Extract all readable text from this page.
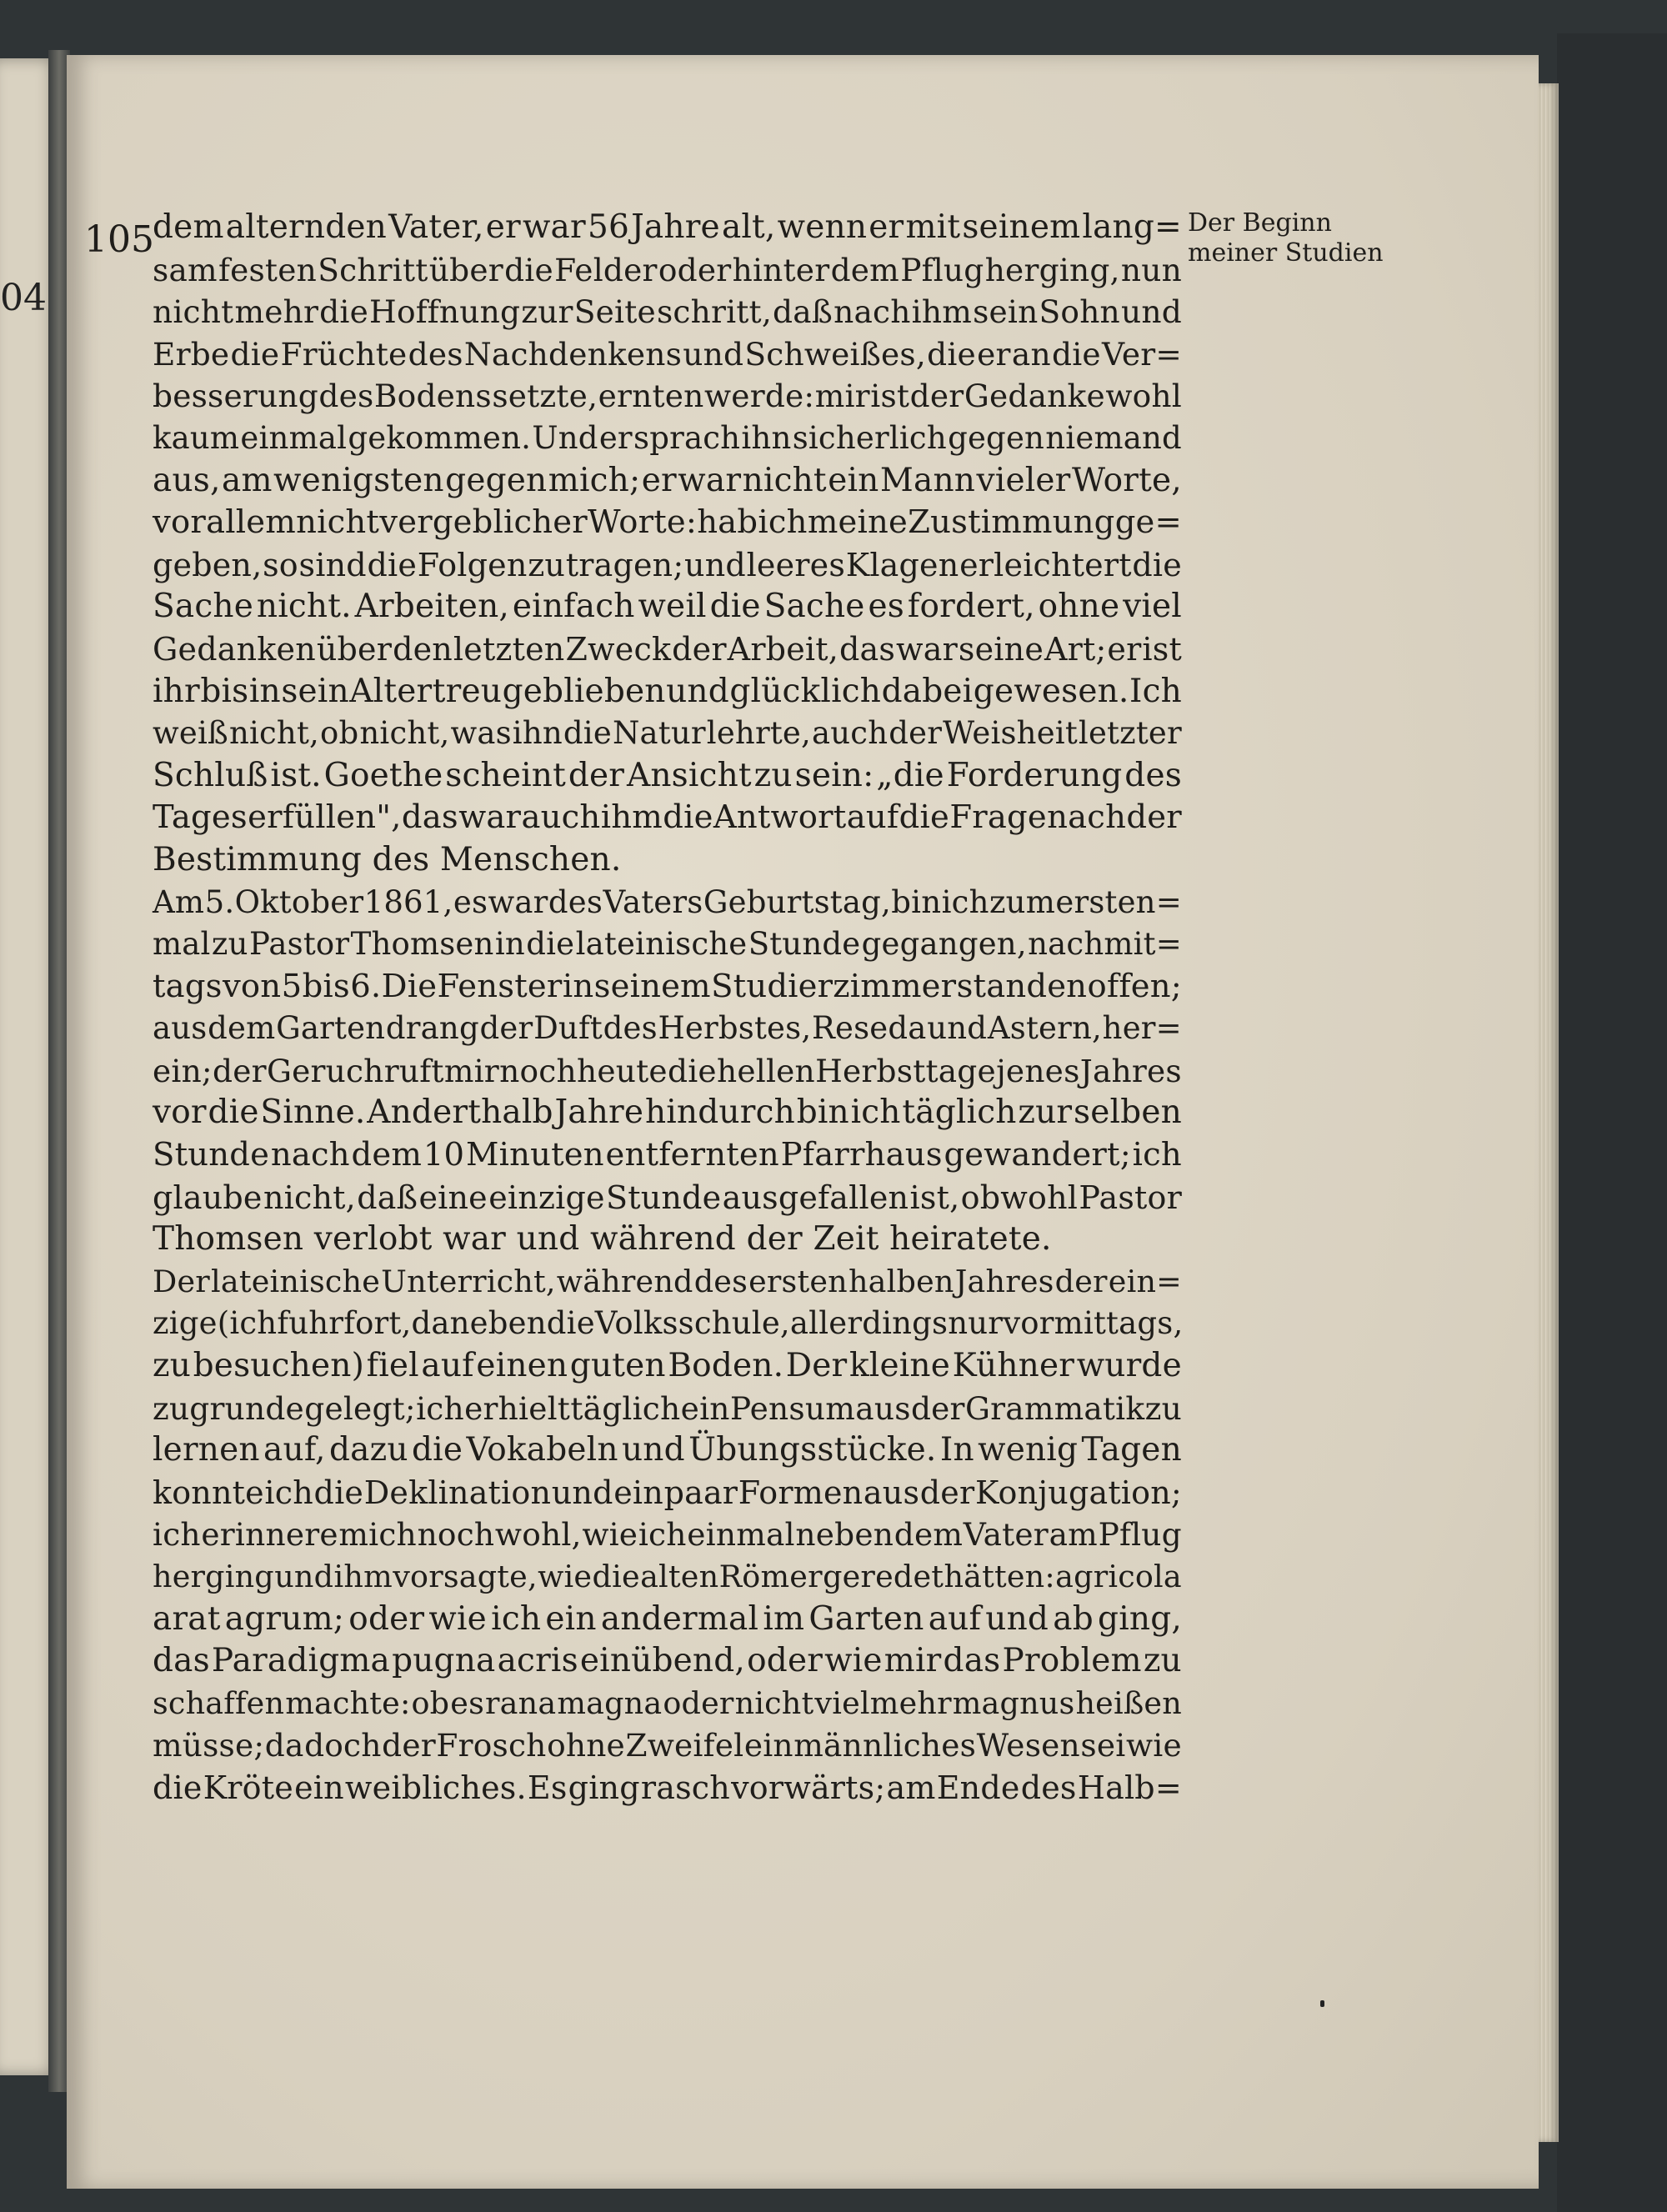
04
105	Der Beginn
meiner Studien
dem alternden Vater, er war 56 Jahre alt, wenn er mit seinem lang=
sam festen Schritt über die Felder oder hinter dem Pflug herging, nun
nicht mehr die Hoffnung zur Seite schritt, daß nach ihm sein Sohn und
Erbe die Früchte des Nachdenkens und Schweißes, die er an die Ver=
besserung des Bodens setzte, ernten werde: mir ist der Gedanke wohl
kaum einmal gekommen. Und er sprach ihn sicherlich gegen niemand
aus, am wenigsten gegen mich; er war nicht ein Mann vieler Worte,
vor allem nicht vergeblicher Worte: hab ich meine Zustimmung ge=
geben, so sind die Folgen zu tragen; und leeres Klagen erleichtert die
Sache nicht. Arbeiten, einfach weil die Sache es fordert, ohne viel
Gedanken über den letzten Zweck der Arbeit, das war seine Art; er ist
ihr bis in sein Alter treu geblieben und glücklich dabei gewesen. Ich
weiß nicht, ob nicht, was ihn die Natur lehrte, auch der Weisheit letzter
Schluß ist. Goethe scheint der Ansicht zu sein: „die Forderung des
Tages erfüllen", das war auch ihm die Antwort auf die Frage nach der
Bestimmung des Menschen.
Am 5. Oktober 1861, es war des Vaters Geburtstag, bin ich zum ersten=
mal zu Pastor Thomsen in die lateinische Stunde gegangen, nachmit=
tags von 5 bis 6. Die Fenster in seinem Studierzimmer standen offen;
aus dem Garten drang der Duft des Herbstes, Reseda und Astern, her=
ein; der Geruch ruft mir noch heute die hellen Herbsttage jenes Jahres
vor die Sinne. Anderthalb Jahre hindurch bin ich täglich zur selben
Stunde nach dem 10 Minuten entfernten Pfarrhaus gewandert; ich
glaube nicht, daß eine einzige Stunde ausgefallen ist, obwohl Pastor
Thomsen verlobt war und während der Zeit heiratete.
Der lateinische Unterricht, während des ersten halben Jahres der ein=
zige (ich fuhr fort, daneben die Volksschule, allerdings nur vormittags,
zu besuchen) fiel auf einen guten Boden. Der kleine Kühner wurde
zugrunde gelegt; ich erhielt täglich ein Pensum aus der Grammatik zu
lernen auf, dazu die Vokabeln und Übungsstücke. In wenig Tagen
konnte ich die Deklination und ein paar Formen aus der Konjugation;
ich erinnere mich noch wohl, wie ich einmal neben dem Vater am Pflug
herging und ihm vorsagte, wie die alten Römer geredet hätten: agricola
arat agrum; oder wie ich ein andermal im Garten auf und ab ging,
das Paradigma pugna acris einübend, oder wie mir das Problem zu
schaffen machte: ob es rana magna oder nicht vielmehr magnus heißen
müsse; da doch der Frosch ohne Zweifel ein männliches Wesen sei wie
die Kröte ein weibliches. Es ging rasch vorwärts; am Ende des Halb=
